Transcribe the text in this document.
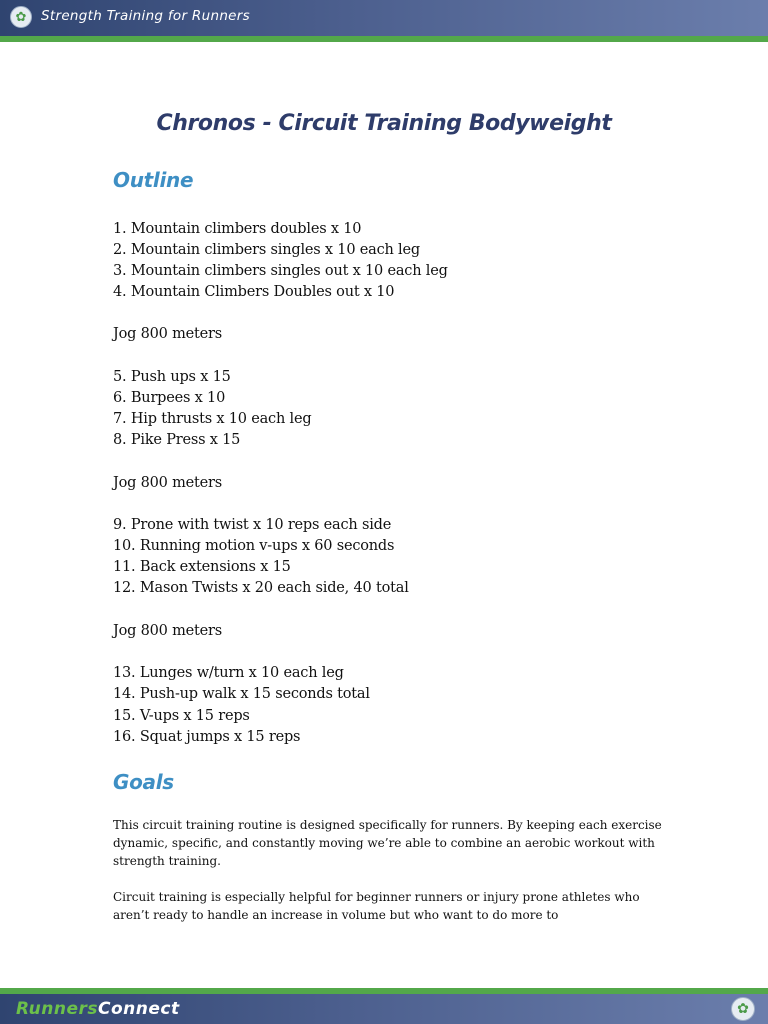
✿	Strength Training for Runners
Chronos - Circuit Training Bodyweight
Outline
1. Mountain climbers doubles x 10
2. Mountain climbers singles x 10 each leg
3. Mountain climbers singles out x 10 each leg
4. Mountain Climbers Doubles out x 10
Jog 800 meters
5. Push ups x 15
6. Burpees x 10
7. Hip thrusts x 10 each leg
8. Pike Press x 15
Jog 800 meters
9. Prone with twist x 10 reps each side
10. Running motion v-ups x 60 seconds
11. Back extensions x 15
12. Mason Twists x 20 each side, 40 total
Jog 800 meters
13. Lunges w/turn x 10 each leg
14. Push-up walk x 15 seconds total
15. V-ups x 15 reps
16. Squat jumps x 15 reps
Goals
This circuit training routine is designed specifically for runners. By keeping each exercise dynamic, specific, and constantly moving we’re able to combine an aerobic workout with strength training.
Circuit training is especially helpful for beginner runners or injury prone athletes who aren’t ready to handle an increase in volume but who want to do more to
RunnersConnect	✿
